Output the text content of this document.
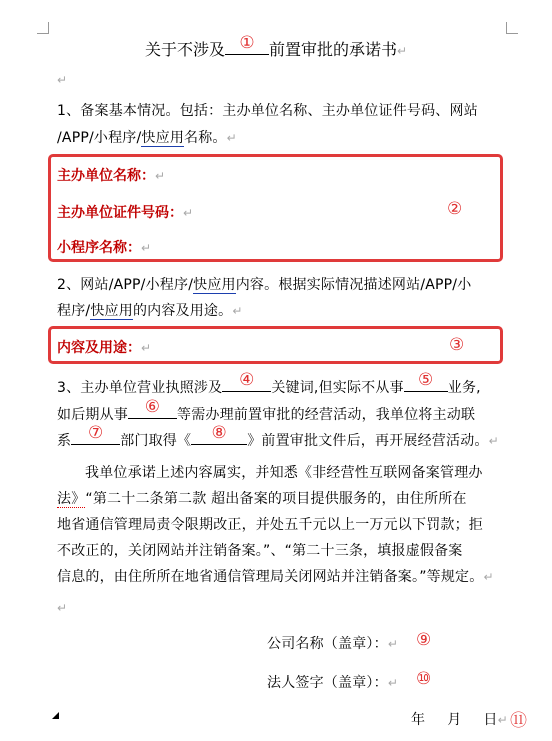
关于不涉及 ① 前置审批的承诺书↵
↵
1、备案基本情况。包括：主办单位名称、主办单位证件号码、网站
/APP/小程序/快应用名称。↵
主办单位名称：↵
主办单位证件号码：↵
小程序名称：↵
②
2、网站/APP/小程序/快应用内容。根据实际情况描述网站/APP/小
程序/快应用的内容及用途。↵
内容及用途：↵	③
3、主办单位营业执照涉及 ④	关键词,但实际不从事 ⑤	业务,
如后期从事 ⑥	等需办理前置审批的经营活动，我单位将主动联
系 ⑦	部门取得《	⑧	》前置审批文件后，再开展经营活动。↵
我单位承诺上述内容属实，并知悉《非经营性互联网备案管理办
法》“第二十二条第二款 超出备案的项目提供服务的，由住所所在
地省通信管理局责令限期改正，并处五千元以上一万元以下罚款；拒
不改正的，关闭网站并注销备案。”、“第二十三条，填报虚假备案
信息的，由住所所在地省通信管理局关闭网站并注销备案。”等规定。↵
↵
公司名称（盖章）：↵ ⑨
法人签字（盖章）：↵ ⑩
年 月 日↵ ⑪
